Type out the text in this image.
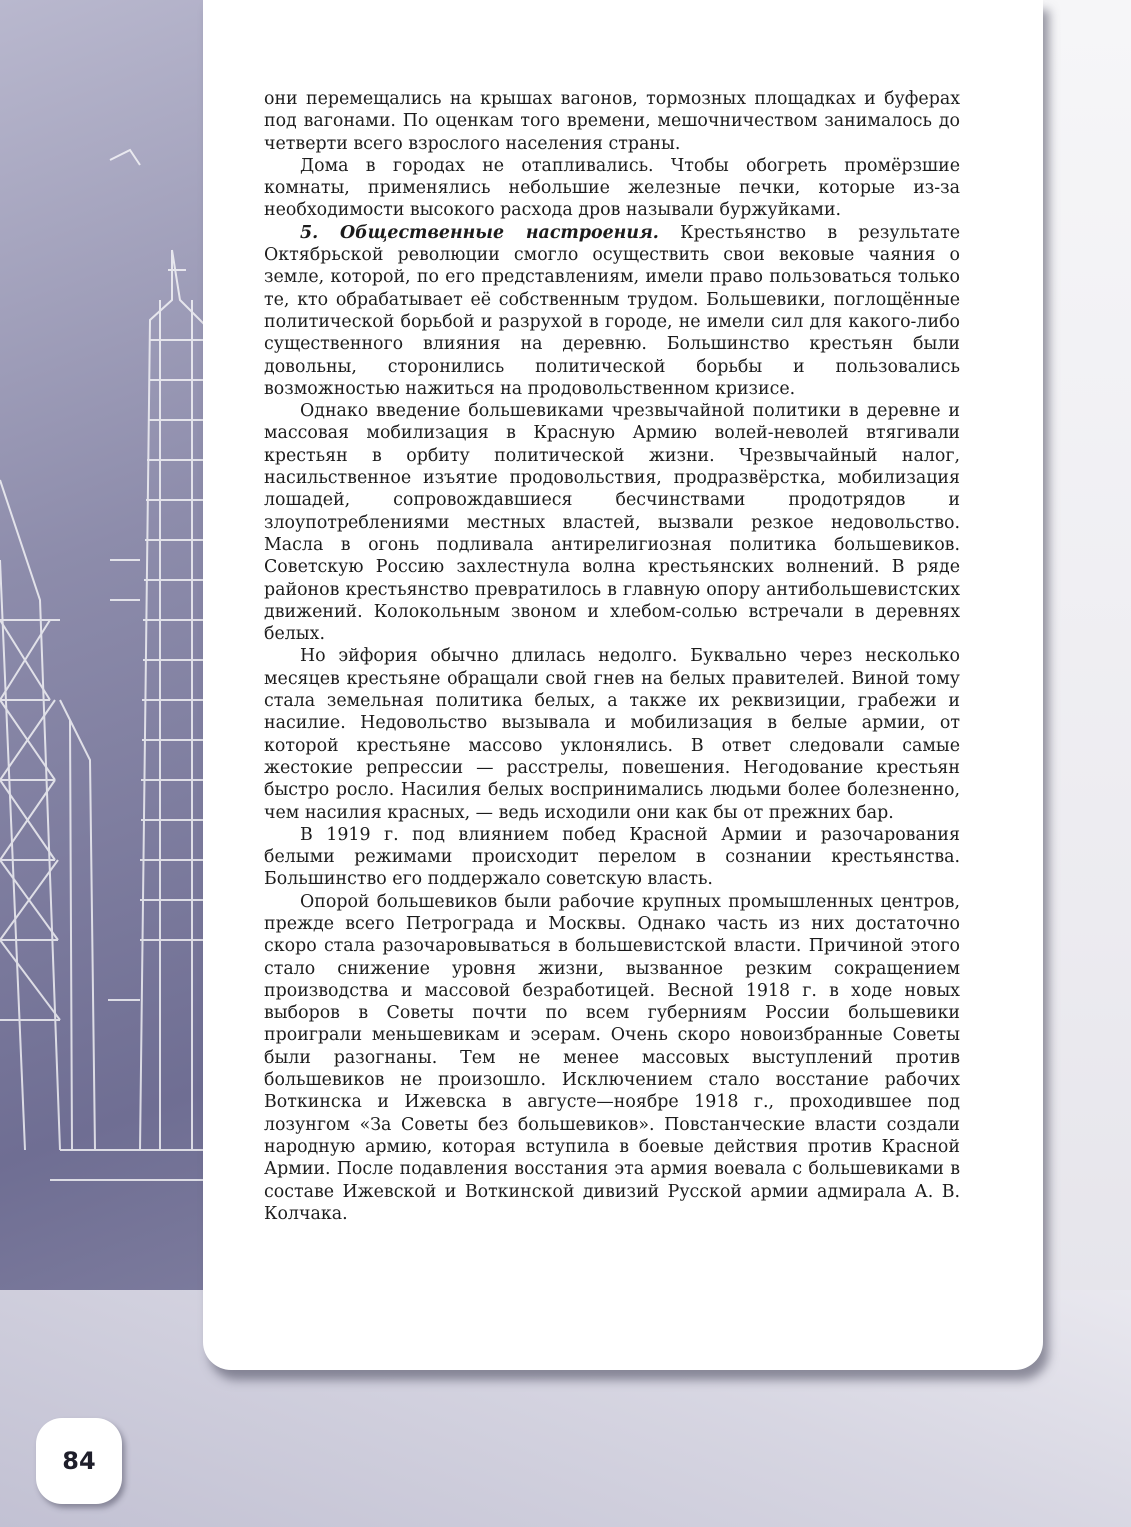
они перемещались на крышах вагонов, тормозных площадках и буферах под вагонами. По оценкам того времени, мешочничеством занималось до четверти всего взрослого населения страны.

Дома в городах не отапливались. Чтобы обогреть промёрзшие комнаты, применялись небольшие железные печки, которые из-за необходимости высокого расхода дров называли буржуйками.

5. Общественные настроения. Крестьянство в результате Октябрьской революции смогло осуществить свои вековые чаяния о земле, которой, по его представлениям, имели право пользоваться только те, кто обрабатывает её собственным трудом. Большевики, поглощённые политической борьбой и разрухой в городе, не имели сил для какого-либо существенного влияния на деревню. Большинство крестьян были довольны, сторонились политической борьбы и пользовались возможностью нажиться на продовольственном кризисе.

Однако введение большевиками чрезвычайной политики в деревне и массовая мобилизация в Красную Армию волей-неволей втягивали крестьян в орбиту политической жизни. Чрезвычайный налог, насильственное изъятие продовольствия, продразвёрстка, мобилизация лошадей, сопровождавшиеся бесчинствами продотрядов и злоупотреблениями местных властей, вызвали резкое недовольство. Масла в огонь подливала антирелигиозная политика большевиков. Советскую Россию захлестнула волна крестьянских волнений. В ряде районов крестьянство превратилось в главную опору антибольшевистских движений. Колокольным звоном и хлебом-солью встречали в деревнях белых.

Но эйфория обычно длилась недолго. Буквально через несколько месяцев крестьяне обращали свой гнев на белых правителей. Виной тому стала земельная политика белых, а также их реквизиции, грабежи и насилие. Недовольство вызывала и мобилизация в белые армии, от которой крестьяне массово уклонялись. В ответ следовали самые жестокие репрессии — расстрелы, повешения. Негодование крестьян быстро росло. Насилия белых воспринимались людьми более болезненно, чем насилия красных, — ведь исходили они как бы от прежних бар.

В 1919 г. под влиянием побед Красной Армии и разочарования белыми режимами происходит перелом в сознании крестьянства. Большинство его поддержало советскую власть.

Опорой большевиков были рабочие крупных промышленных центров, прежде всего Петрограда и Москвы. Однако часть из них достаточно скоро стала разочаровываться в большевистской власти. Причиной этого стало снижение уровня жизни, вызванное резким сокращением производства и массовой безработицей. Весной 1918 г. в ходе новых выборов в Советы почти по всем губерниям России большевики проиграли меньшевикам и эсерам. Очень скоро новоизбранные Советы были разогнаны. Тем не менее массовых выступлений против большевиков не произошло. Исключением стало восстание рабочих Воткинска и Ижевска в августе—ноябре 1918 г., проходившее под лозунгом «За Советы без большевиков». Повстанческие власти создали народную армию, которая вступила в боевые действия против Красной Армии. После подавления восстания эта армия воевала с большевиками в составе Ижевской и Воткинской дивизий Русской армии адмирала А. В. Колчака.

84
